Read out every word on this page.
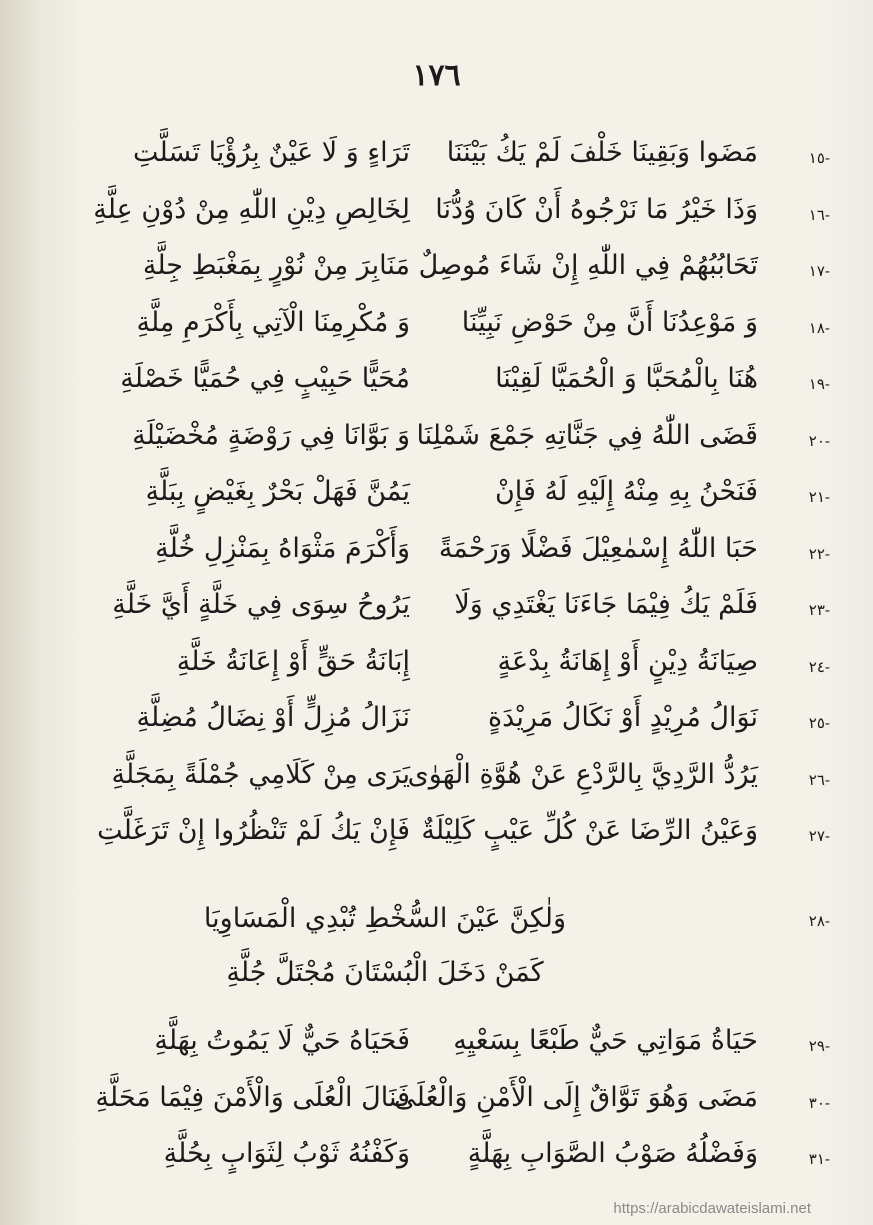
١٧٦
-١٥
مَضَوا وَبَقِينَا خَلْفَ لَمْ يَكُ بَيْنَنَا
تَرَاءٍ وَ لَا عَيْنٌ بِرُؤْيَا تَسَلَّتِ
-١٦
وَذَا خَيْرُ مَا نَرْجُوهُ أَنْ كَانَ وُدُّنَا
لِخَالِصِ دِيْنِ اللّٰهِ مِنْ دُوْنِ عِلَّةِ
-١٧
تَحَابُبُهُمْ فِي اللّٰهِ إِنْ شَاءَ مُوصِلٌ
مَنَابِرَ مِنْ نُوْرٍ بِمَغْبَطِ جِلَّةِ
-١٨
وَ مَوْعِدُنَا أَنَّ مِنْ حَوْضِ نَبِيِّنَا
وَ مُكْرِمِنَا الْآتِي بِأَكْرَمِ مِلَّةِ
-١٩
هُنَا بِالْمُحَبَّا وَ الْحُمَيَّا لَقِيْنَا
مُحَيًّا حَبِيْبٍ فِي حُمَيًّا خَصْلَةِ
-٢٠
قَضَى اللّٰهُ فِي جَنَّاتِهِ جَمْعَ شَمْلِنَا
وَ بَوَّانَا فِي رَوْضَةٍ مُخْضَيْلَةِ
-٢١
فَنَحْنُ بِهِ مِنْهُ إِلَيْهِ لَهُ فَإِنْ
يَمُنَّ فَهَلْ بَحْرٌ بِغَيْضٍ بِبَلَّةِ
-٢٢
حَبَا اللّٰهُ إِسْمٰعِيْلَ فَضْلًا وَرَحْمَةً
وَأَكْرَمَ مَثْوَاهُ بِمَنْزِلِ خُلَّةِ
-٢٣
فَلَمْ يَكُ فِيْمَا جَاءَنَا يَغْتَدِي وَلَا
يَرُوحُ سِوَى فِي خَلَّةٍ أَيَّ خَلَّةِ
-٢٤
صِيَانَةُ دِيْنٍ أَوْ إِهَانَةُ بِدْعَةٍ
إِبَانَةُ حَقٍّ أَوْ إِعَانَةُ خَلَّةِ
-٢٥
نَوَالُ مُرِيْدٍ أَوْ نَكَالُ مَرِيْدَةٍ
نَزَالُ مُزِلٍّ أَوْ نِضَالُ مُضِلَّةِ
-٢٦
يَرُدُّ الرَّدِيَّ بِالرَّدْعِ عَنْ هُوَّةِ الْهَوٰى
يَرَى مِنْ كَلَامِي جُمْلَةً بِمَجَلَّةِ
-٢٧
وَعَيْنُ الرِّضَا عَنْ كُلِّ عَيْبٍ كَلِيْلَةٌ
فَإِنْ يَكُ لَمْ تَنْظُرُوا إِنْ تَرَغَلَّتِ
-٢٨
وَلٰكِنَّ عَيْنَ السُّخْطِ تُبْدِي الْمَسَاوِيَا
كَمَنْ دَخَلَ الْبُسْتَانَ مُجْتَلَّ جُلَّةِ
-٢٩
حَيَاةُ مَوَاتِي حَيٌّ طَبْعًا بِسَعْيِهِ
فَحَيَاهُ حَيٌّ لَا يَمُوتُ بِهَلَّةِ
-٣٠
مَضَى وَهُوَ تَوَّاقٌ إِلَى الْأَمْنِ وَالْعُلَى
فَنَالَ الْعُلَى وَالْأَمْنَ فِيْمَا مَحَلَّةِ
-٣١
وَفَضْلُهُ صَوْبُ الصَّوَابِ بِهَلَّةٍ
وَكَفْنُهُ ثَوْبُ لِثَوَابٍ بِحُلَّةِ
https://arabicdawateislami.net
